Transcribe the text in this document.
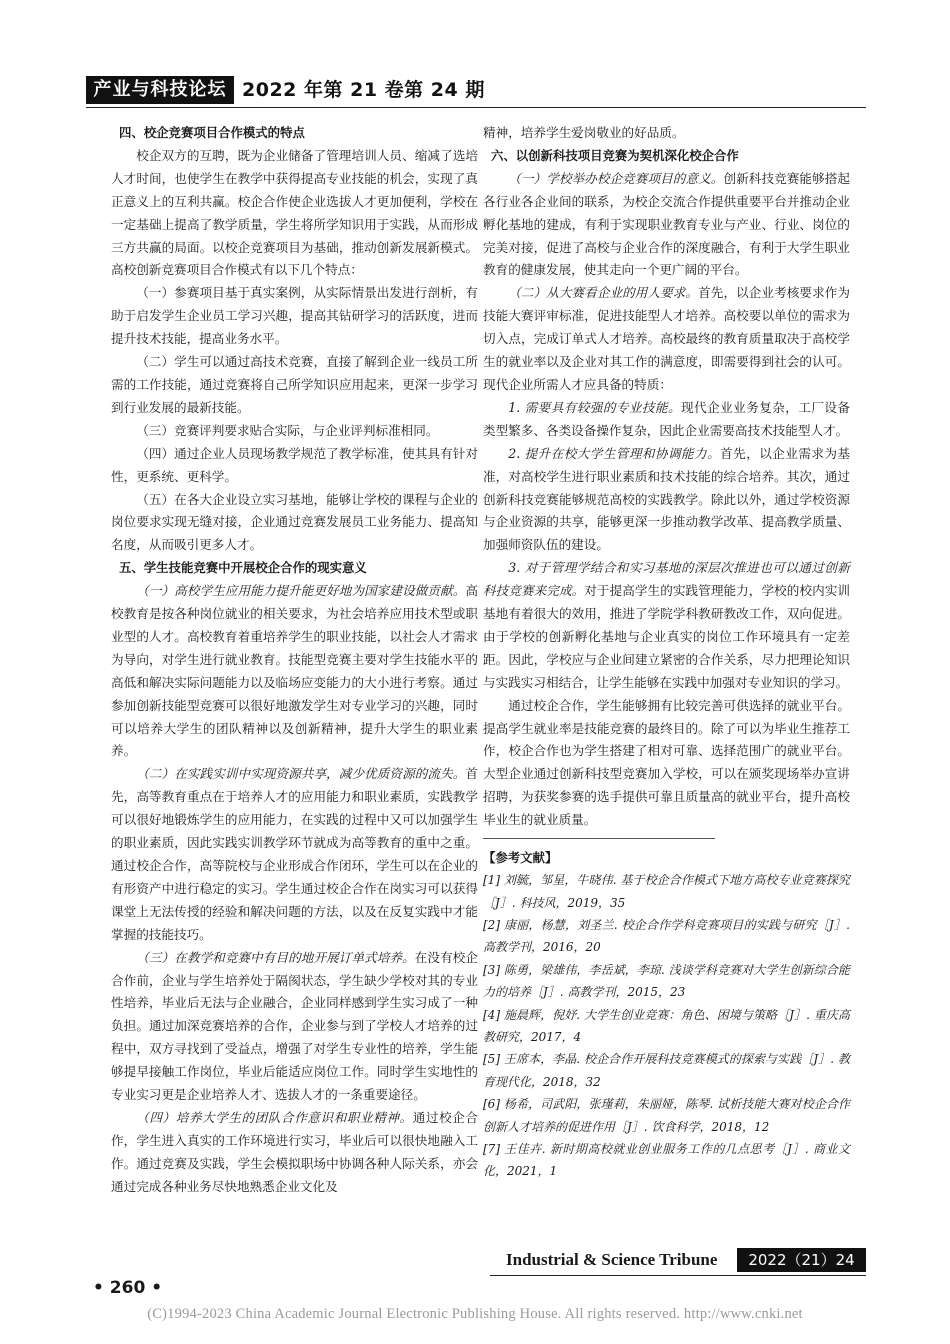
产业与科技论坛 2022 年第 21 卷第 24 期
四、校企竞赛项目合作模式的特点

校企双方的互聘，既为企业储备了管理培训人员、缩减了选培人才时间，也使学生在教学中获得提高专业技能的机会，实现了真正意义上的互利共赢。校企合作使企业选拔人才更加便利，学校在一定基础上提高了教学质量，学生将所学知识用于实践，从而形成三方共赢的局面。以校企竞赛项目为基础，推动创新发展新模式。高校创新竞赛项目合作模式有以下几个特点：

（一）参赛项目基于真实案例，从实际情景出发进行剖析，有助于启发学生企业员工学习兴趣，提高其钻研学习的活跃度，进而提升技术技能，提高业务水平。

（二）学生可以通过高技术竞赛，直接了解到企业一线员工所需的工作技能，通过竞赛将自己所学知识应用起来，更深一步学习到行业发展的最新技能。

（三）竞赛评判要求贴合实际，与企业评判标准相同。

（四）通过企业人员现场教学规范了教学标准，使其具有针对性，更系统、更科学。

（五）在各大企业设立实习基地，能够让学校的课程与企业的岗位要求实现无缝对接，企业通过竞赛发展员工业务能力、提高知名度，从而吸引更多人才。

五、学生技能竞赛中开展校企合作的现实意义

（一）高校学生应用能力提升能更好地为国家建设做贡献。高校教育是按各种岗位就业的相关要求，为社会培养应用技术型或职业型的人才。高校教育着重培养学生的职业技能，以社会人才需求为导向，对学生进行就业教育。技能型竞赛主要对学生技能水平的高低和解决实际问题能力以及临场应变能力的大小进行考察。通过参加创新技能型竞赛可以很好地激发学生对专业学习的兴趣，同时可以培养大学生的团队精神以及创新精神，提升大学生的职业素养。

（二）在实践实训中实现资源共享，减少优质资源的流失。首先，高等教育重点在于培养人才的应用能力和职业素质，实践教学可以很好地锻炼学生的应用能力，在实践的过程中又可以加强学生的职业素质，因此实践实训教学环节就成为高等教育的重中之重。通过校企合作，高等院校与企业形成合作闭环，学生可以在企业的有形资产中进行稳定的实习。学生通过校企合作在岗实习可以获得课堂上无法传授的经验和解决问题的方法，以及在反复实践中才能掌握的技能技巧。

（三）在教学和竞赛中有目的地开展订单式培养。在没有校企合作前，企业与学生培养处于隔阂状态，学生缺少学校对其的专业性培养，毕业后无法与企业融合，企业同样感到学生实习成了一种负担。通过加深竞赛培养的合作，企业参与到了学校人才培养的过程中，双方寻找到了受益点，增强了对学生专业性的培养，学生能够提早接触工作岗位，毕业后能适应岗位工作。同时学生实地性的专业实习更是企业培养人才、选拔人才的一条重要途径。

（四）培养大学生的团队合作意识和职业精神。通过校企合作，学生进入真实的工作环境进行实习，毕业后可以很快地融入工作。通过竞赛及实践，学生会模拟职场中协调各种人际关系，亦会通过完成各种业务尽快地熟悉企业文化及

精神，培养学生爱岗敬业的好品质。

六、以创新科技项目竞赛为契机深化校企合作

（一）学校举办校企竞赛项目的意义。创新科技竞赛能够搭起各行业各企业间的联系，为校企交流合作提供重要平台并推动企业孵化基地的建成，有利于实现职业教育专业与产业、行业、岗位的完美对接，促进了高校与企业合作的深度融合，有利于大学生职业教育的健康发展，使其走向一个更广阔的平台。

（二）从大赛看企业的用人要求。首先，以企业考核要求作为技能大赛评审标准，促进技能型人才培养。高校要以单位的需求为切入点，完成订单式人才培养。高校最终的教育质量取决于高校学生的就业率以及企业对其工作的满意度，即需要得到社会的认可。现代企业所需人才应具备的特质：

1. 需要具有较强的专业技能。现代企业业务复杂，工厂设备类型繁多、各类设备操作复杂，因此企业需要高技术技能型人才。

2. 提升在校大学生管理和协调能力。首先，以企业需求为基准，对高校学生进行职业素质和技术技能的综合培养。其次，通过创新科技竞赛能够规范高校的实践教学。除此以外，通过学校资源与企业资源的共享，能够更深一步推动教学改革、提高教学质量、加强师资队伍的建设。

3. 对于管理学结合和实习基地的深层次推进也可以通过创新科技竞赛来完成。对于提高学生的实践管理能力，学校的校内实训基地有着很大的效用，推进了学院学科教研教改工作，双向促进。由于学校的创新孵化基地与企业真实的岗位工作环境具有一定差距。因此，学校应与企业间建立紧密的合作关系，尽力把理论知识与实践实习相结合，让学生能够在实践中加强对专业知识的学习。

通过校企合作，学生能够拥有比较完善可供选择的就业平台。提高学生就业率是技能竞赛的最终目的。除了可以为毕业生推荐工作，校企合作也为学生搭建了相对可靠、选择范围广的就业平台。大型企业通过创新科技型竞赛加入学校，可以在颁奖现场举办宣讲招聘，为获奖参赛的选手提供可靠且质量高的就业平台，提升高校毕业生的就业质量。

【参考文献】

[1] 刘毓，邹星，牛晓伟. 基于校企合作模式下地方高校专业竞赛探究［J］. 科技风，2019，35

[2] 康丽，杨慧，刘圣兰. 校企合作学科竞赛项目的实践与研究［J］. 高教学刊，2016，20

[3] 陈勇，梁雄伟，李岳斌，李琼. 浅谈学科竞赛对大学生创新综合能力的培养［J］. 高教学刊，2015，23

[4] 施晨辉，倪妤. 大学生创业竞赛：角色、困境与策略［J］. 重庆高教研究，2017，4

[5] 王席本，李晶. 校企合作开展科技竞赛模式的探索与实践［J］. 教育现代化，2018，32

[6] 杨希，司武阳，张瑾莉，朱丽娅，陈琴. 试析技能大赛对校企合作创新人才培养的促进作用［J］. 饮食科学，2018，12

[7] 王佳卉. 新时期高校就业创业服务工作的几点思考［J］. 商业文化，2021，1

• 260 •
Industrial & Science Tribune	2022（21）24
(C)1994-2023 China Academic Journal Electronic Publishing House. All rights reserved. http://www.cnki.net
